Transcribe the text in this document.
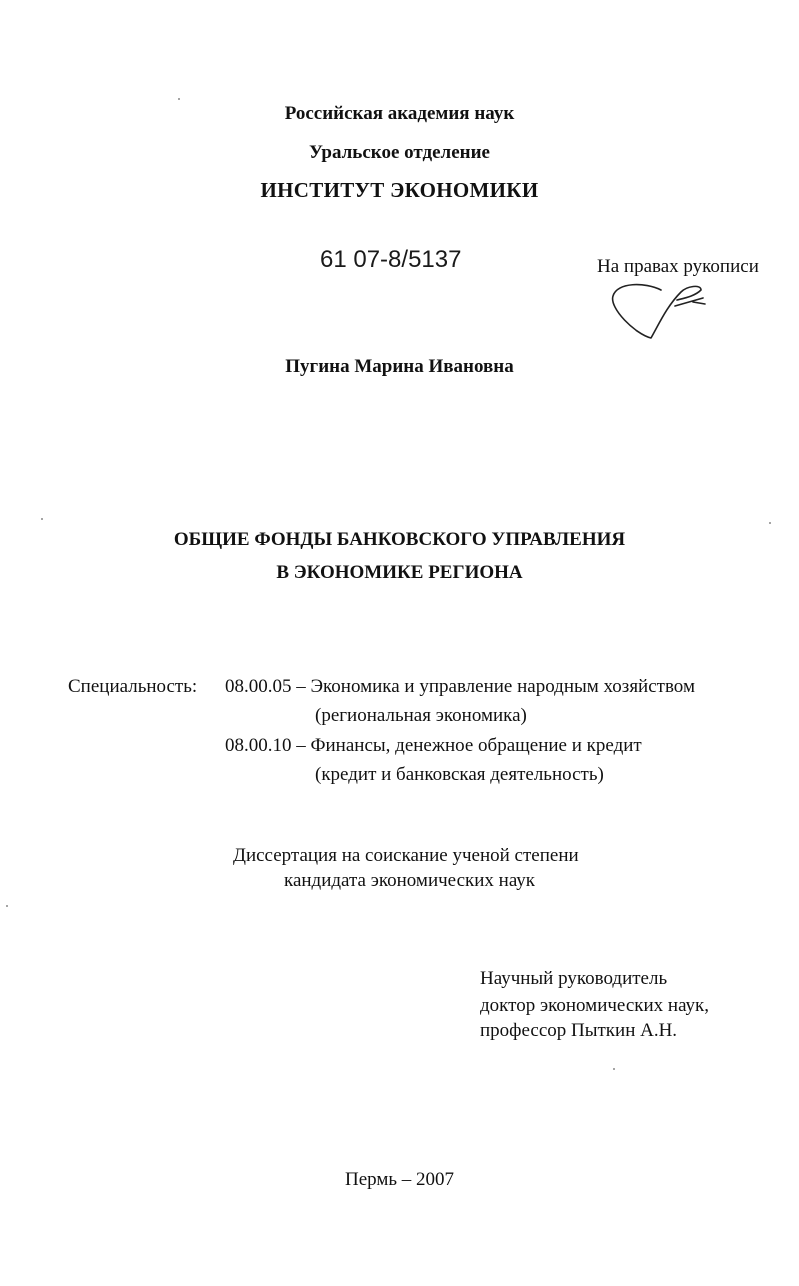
Российская академия наук
Уральское отделение
ИНСТИТУТ ЭКОНОМИКИ
61 07-8/5137	На правах рукописи
Пугина Марина Ивановна
ОБЩИЕ ФОНДЫ БАНКОВСКОГО УПРАВЛЕНИЯ
В ЭКОНОМИКЕ РЕГИОНА
Специальность: 08.00.05 – Экономика и управление народным хозяйством
(региональная экономика)
08.00.10 – Финансы, денежное обращение и кредит
(кредит и банковская деятельность)
Диссертация на соискание ученой степени
кандидата экономических наук
Научный руководитель
доктор экономических наук,
профессор Пыткин А.Н.
Пермь – 2007
